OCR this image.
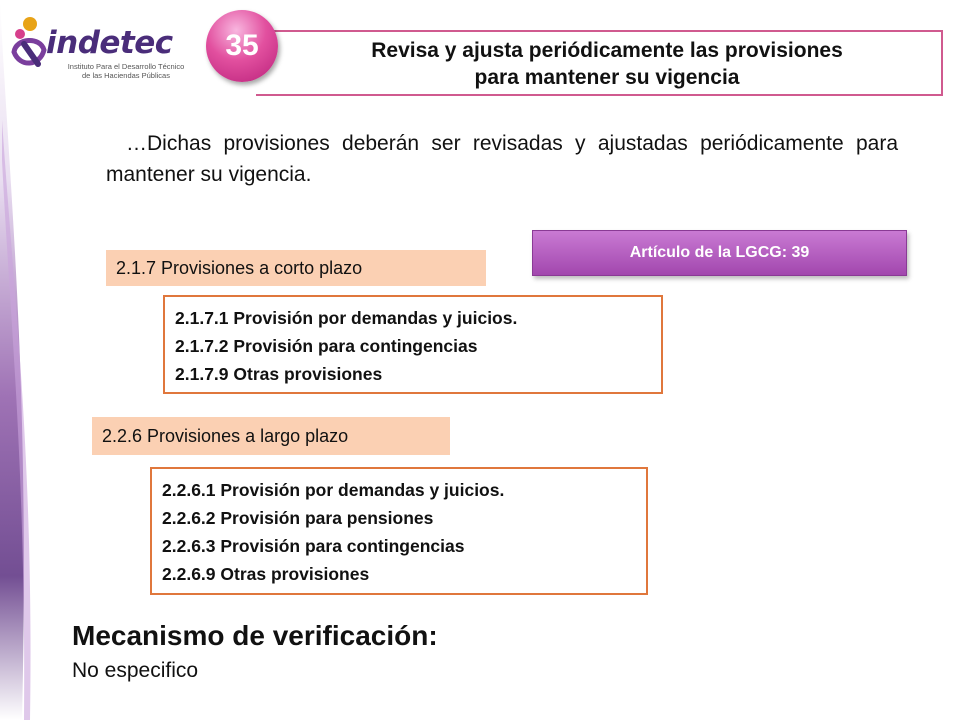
indetec
Instituto Para el Desarrollo Técnico
de las Haciendas Públicas
35	Revisa y ajusta periódicamente las provisiones
para mantener su vigencia
…Dichas provisiones deberán ser revisadas y ajustadas periódicamente para mantener su vigencia.
Artículo de la LGCG: 39
2.1.7 Provisiones a corto plazo
2.1.7.1 Provisión por demandas y juicios.
2.1.7.2 Provisión para contingencias
2.1.7.9 Otras provisiones
2.2.6 Provisiones a largo plazo
2.2.6.1 Provisión por demandas y juicios.
2.2.6.2 Provisión para pensiones
2.2.6.3 Provisión para contingencias
2.2.6.9 Otras provisiones
Mecanismo de verificación:
No especifico
